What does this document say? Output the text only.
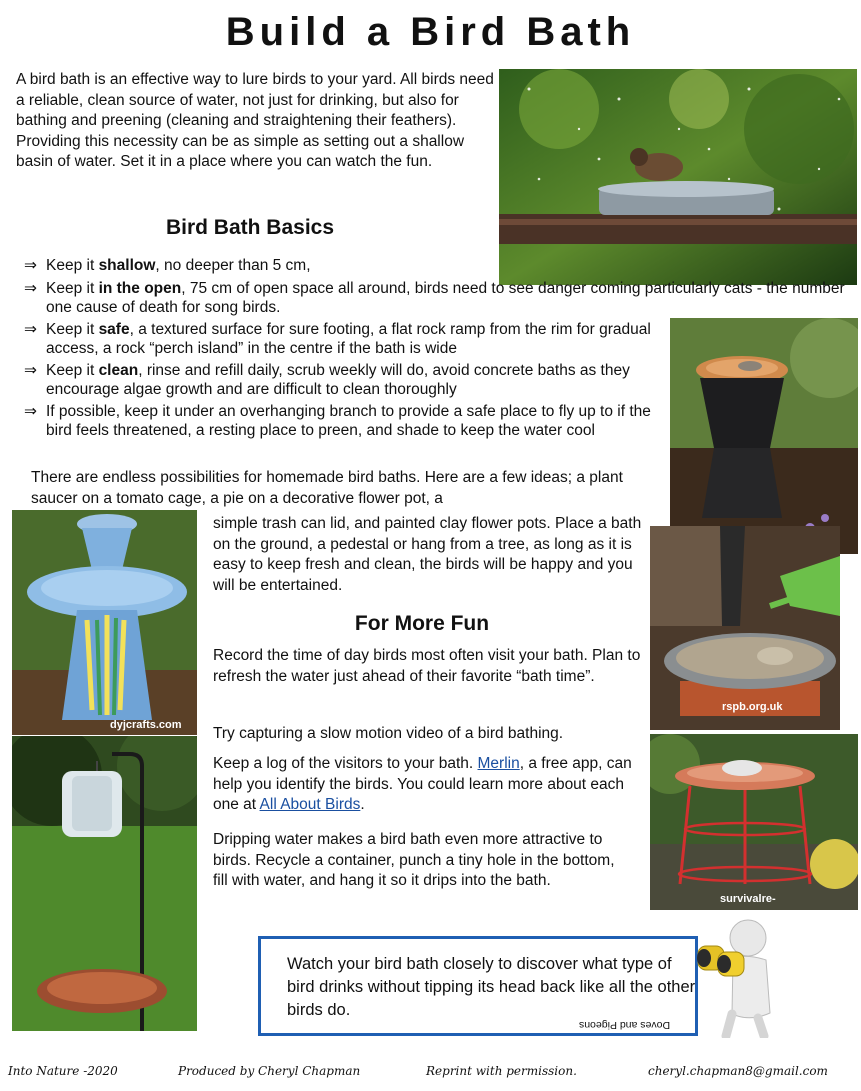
Build a Bird Bath
A bird bath is an effective way to lure birds to your yard. All birds need a reliable, clean source of water, not just for drinking, but also for bathing and preening (cleaning and straightening their feathers). Providing this necessity can be as simple as setting out a shallow basin of water. Set it in a place where you can watch the fun.
Bird Bath Basics
⇒ Keep it shallow, no deeper than 5 cm,
⇒ Keep it in the open, 75 cm of open space all around, birds need to see danger coming particularly cats - the number one cause of death for song birds.
⇒ Keep it safe, a textured surface for sure footing, a flat rock ramp from the rim for gradual access, a rock “perch island” in the centre if the bath is wide
⇒ Keep it clean, rinse and refill daily, scrub weekly will do, avoid concrete baths as they encourage algae growth and are difficult to clean thoroughly
⇒ If possible, keep it under an overhanging branch to provide a safe place to fly up to if the bird feels threatened, a resting place to preen, and shade to keep the water cool
There are endless possibilities for homemade bird baths. Here are a few ideas; a plant saucer on a tomato cage, a pie on a decorative flower pot, a
dyjcrafts.com
simple trash can lid, and painted clay flower pots. Place a bath on the ground, a pedestal or hang from a tree, as long as it is easy to keep fresh and clean, the birds will be happy and you will be entertained.
For More Fun
Record the time of day birds most often visit your bath. Plan to refresh the water just ahead of their favorite “bath time”.
Try capturing a slow motion video of a bird bathing.
Keep a log of the visitors to your bath. Merlin, a free app, can help you identify the birds. You could learn more about each one at All About Birds.
Dripping water makes a bird bath even more attractive to birds. Recycle a container, punch a tiny hole in the bottom, fill with water, and hang it so it drips into the bath.
rspb.org.uk
survivalre-
Watch your bird bath closely to discover what type of bird drinks without tipping its head back like all the other birds do.
Doves and Pigeons
Into Nature -2020	Produced by Cheryl Chapman	Reprint with permission.	cheryl.chapman8@gmail.com
